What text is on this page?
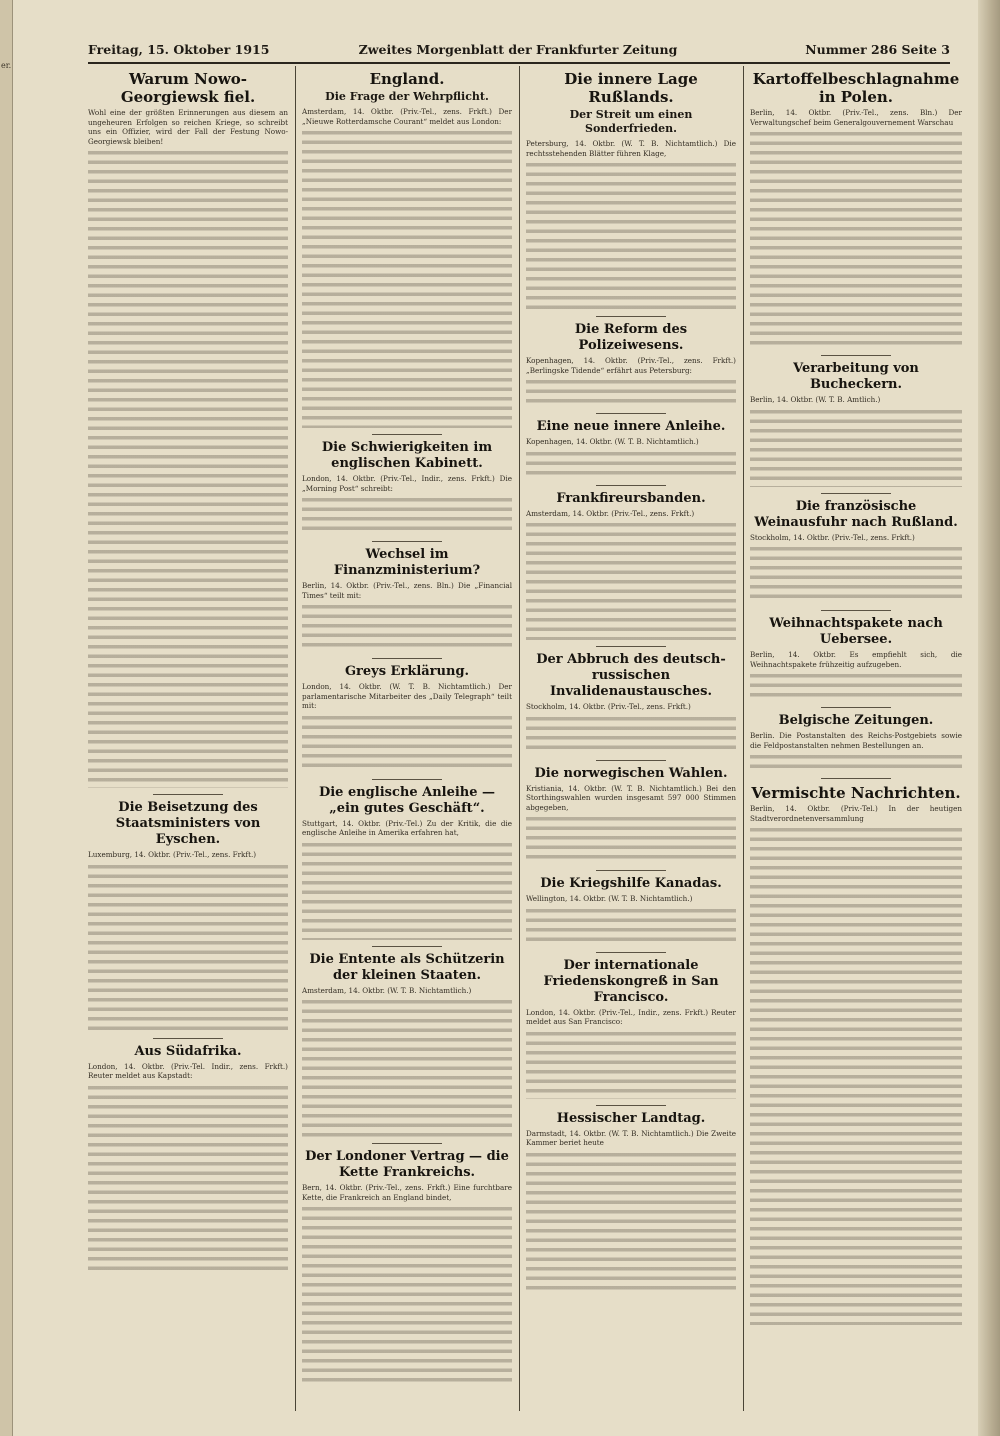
er.
Freitag, 15. Oktober 1915	Zweites Morgenblatt der Frankfurter Zeitung	Nummer 286 Seite 3
Warum Nowo-Georgiewsk fiel.

Wohl eine der größten Erinnerungen aus diesem an ungeheuren Erfolgen so reichen Kriege, so schreibt uns ein Offizier, wird der Fall der Festung Nowo-Georgiewsk bleiben!

Die Beisetzung des Staatsministers von Eyschen.

Luxemburg, 14. Oktbr. (Priv.-Tel., zens. Frkft.)

Aus Südafrika.

London, 14. Oktbr. (Priv.-Tel. Indir., zens. Frkft.) Reuter meldet aus Kapstadt:

England.
Die Frage der Wehrpflicht.

Amsterdam, 14. Oktbr. (Priv.-Tel., zens. Frkft.) Der „Nieuwe Rotterdamsche Courant“ meldet aus London:

Die Schwierigkeiten im englischen Kabinett.

London, 14. Oktbr. (Priv.-Tel., Indir., zens. Frkft.) Die „Morning Post“ schreibt:

Wechsel im Finanzministerium?

Berlin, 14. Oktbr. (Priv.-Tel., zens. Bln.) Die „Financial Times“ teilt mit:

Greys Erklärung.

London, 14. Oktbr. (W. T. B. Nichtamtlich.) Der parlamentarische Mitarbeiter des „Daily Telegraph“ teilt mit:

Die englische Anleihe — „ein gutes Geschäft“.

Stuttgart, 14. Oktbr. (Priv.-Tel.) Zu der Kritik, die die englische Anleihe in Amerika erfahren hat,

Die Entente als Schützerin der kleinen Staaten.

Amsterdam, 14. Oktbr. (W. T. B. Nichtamtlich.)

Der Londoner Vertrag — die Kette Frankreichs.

Bern, 14. Oktbr. (Priv.-Tel., zens. Frkft.) Eine furchtbare Kette, die Frankreich an England bindet,

Die innere Lage Rußlands.
Der Streit um einen Sonderfrieden.

Petersburg, 14. Oktbr. (W. T. B. Nichtamtlich.) Die rechtsstehenden Blätter führen Klage,

Die Reform des Polizeiwesens.

Kopenhagen, 14. Oktbr. (Priv.-Tel., zens. Frkft.) „Berlingske Tidende“ erfährt aus Petersburg:

Eine neue innere Anleihe.

Kopenhagen, 14. Oktbr. (W. T. B. Nichtamtlich.)

Frankfireursbanden.

Amsterdam, 14. Oktbr. (Priv.-Tel., zens. Frkft.)

Der Abbruch des deutsch-russischen Invalidenaustausches.

Stockholm, 14. Oktbr. (Priv.-Tel., zens. Frkft.)

Die norwegischen Wahlen.

Kristiania, 14. Oktbr. (W. T. B. Nichtamtlich.) Bei den Storthingswahlen wurden insgesamt 597 000 Stimmen abgegeben,

Die Kriegshilfe Kanadas.

Wellington, 14. Oktbr. (W. T. B. Nichtamtlich.)

Der internationale Friedenskongreß in San Francisco.

London, 14. Oktbr. (Priv.-Tel., Indir., zens. Frkft.) Reuter meldet aus San Francisco:

Hessischer Landtag.

Darmstadt, 14. Oktbr. (W. T. B. Nichtamtlich.) Die Zweite Kammer beriet heute

Kartoffelbeschlagnahme in Polen.

Berlin, 14. Oktbr. (Priv.-Tel., zens. Bln.) Der Verwaltungschef beim Generalgouvernement Warschau

Verarbeitung von Bucheckern.

Berlin, 14. Oktbr. (W. T. B. Amtlich.)

Die französische Weinausfuhr nach Rußland.

Stockholm, 14. Oktbr. (Priv.-Tel., zens. Frkft.)

Weihnachtspakete nach Uebersee.

Berlin, 14. Oktbr. Es empfiehlt sich, die Weihnachtspakete frühzeitig aufzugeben.

Belgische Zeitungen.

Berlin. Die Postanstalten des Reichs-Postgebiets sowie die Feldpostanstalten nehmen Bestellungen an.

Vermischte Nachrichten.

Berlin, 14. Oktbr. (Priv.-Tel.) In der heutigen Stadtverordnetenversammlung
